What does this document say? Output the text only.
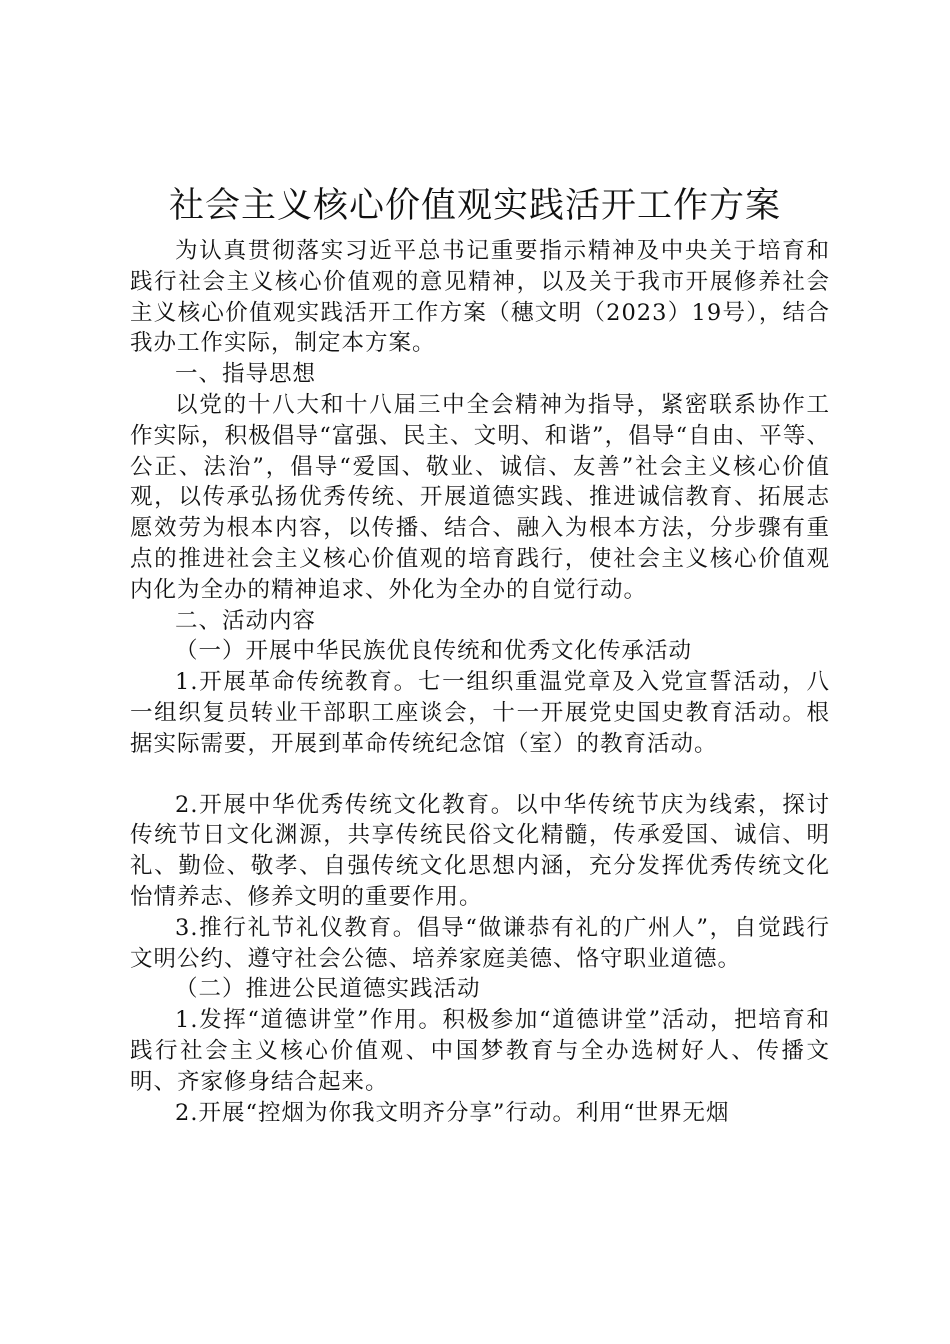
社会主义核心价值观实践活开工作方案

为认真贯彻落实习近平总书记重要指示精神及中央关于培育和践行社会主义核心价值观的意见精神，以及关于我市开展修养社会主义核心价值观实践活开工作方案（穗文明（2023）19号），结合我办工作实际，制定本方案。

一、指导思想

以党的十八大和十八届三中全会精神为指导，紧密联系协作工作实际，积极倡导“富强、民主、文明、和谐”，倡导“自由、平等、公正、法治”，倡导“爱国、敬业、诚信、友善”社会主义核心价值观，以传承弘扬优秀传统、开展道德实践、推进诚信教育、拓展志愿效劳为根本内容，以传播、结合、融入为根本方法，分步骤有重点的推进社会主义核心价值观的培育践行，使社会主义核心价值观内化为全办的精神追求、外化为全办的自觉行动。

二、活动内容

（一）开展中华民族优良传统和优秀文化传承活动

1.开展革命传统教育。七一组织重温党章及入党宣誓活动，八一组织复员转业干部职工座谈会，十一开展党史国史教育活动。根据实际需要，开展到革命传统纪念馆（室）的教育活动。

2.开展中华优秀传统文化教育。以中华传统节庆为线索，探讨传统节日文化渊源，共享传统民俗文化精髓，传承爱国、诚信、明礼、勤俭、敬孝、自强传统文化思想内涵，充分发挥优秀传统文化怡情养志、修养文明的重要作用。

3.推行礼节礼仪教育。倡导“做谦恭有礼的广州人”，自觉践行文明公约、遵守社会公德、培养家庭美德、恪守职业道德。

（二）推进公民道德实践活动

1.发挥“道德讲堂”作用。积极参加“道德讲堂”活动，把培育和践行社会主义核心价值观、中国梦教育与全办选树好人、传播文明、齐家修身结合起来。

2.开展“控烟为你我文明齐分享”行动。利用“世界无烟
